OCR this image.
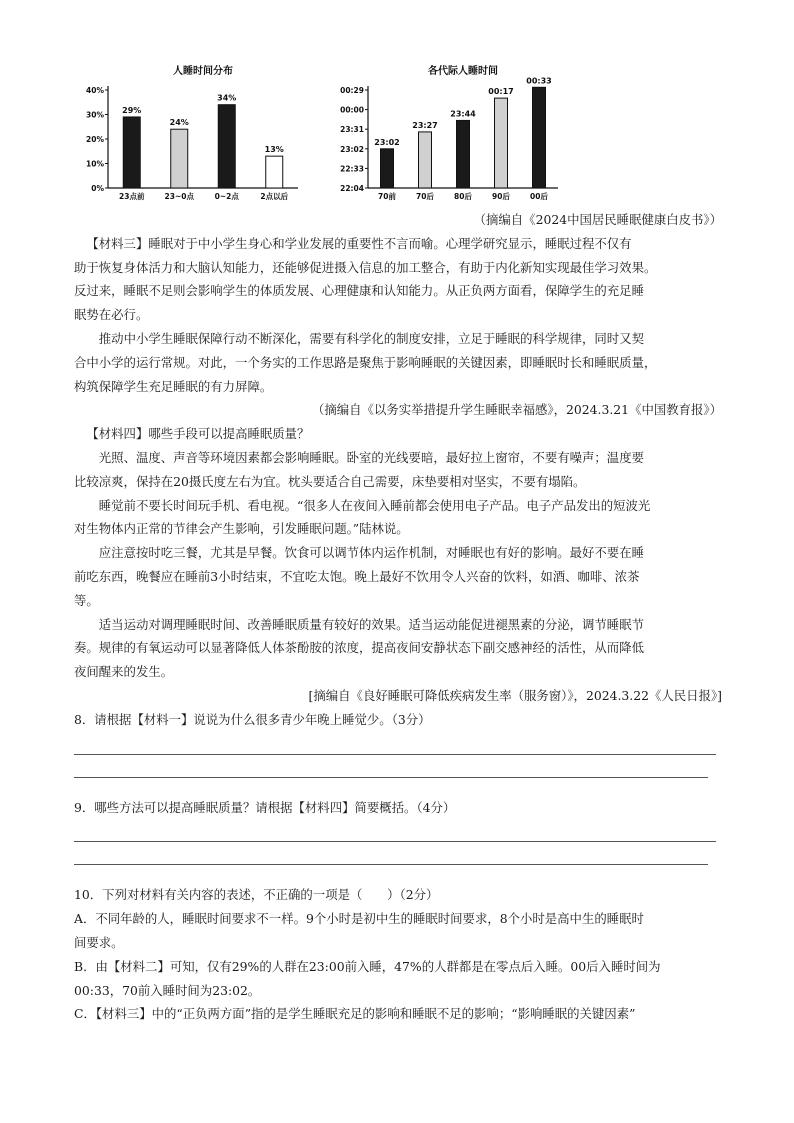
人睡时间分布
40%
30%
20%
10%
0%
29%
23点前
24%
23~0点
34%
0~2点
13%
2点以后
各代际人睡时间
00:29
00:00
23:31
23:02
22:33
22:04
23:02
70前
23:27
70后
23:44
80后
00:17
90后
00:33
00后
（摘编自《2024中国居民睡眠健康白皮书》）
【材料三】睡眠对于中小学生身心和学业发展的重要性不言而喻。心理学研究显示，睡眠过程不仅有
助于恢复身体活力和大脑认知能力，还能够促进摄入信息的加工整合，有助于内化新知实现最佳学习效果。
反过来，睡眠不足则会影响学生的体质发展、心理健康和认知能力。从正负两方面看，保障学生的充足睡
眠势在必行。
推动中小学生睡眠保障行动不断深化，需要有科学化的制度安排，立足于睡眠的科学规律，同时又契
合中小学的运行常规。对此，一个务实的工作思路是聚焦于影响睡眠的关键因素，即睡眠时长和睡眠质量，
构筑保障学生充足睡眠的有力屏障。
（摘编自《以务实举措提升学生睡眠幸福感》，2024.3.21《中国教育报》）
【材料四】哪些手段可以提高睡眠质量？
光照、温度、声音等环境因素都会影响睡眠。卧室的光线要暗，最好拉上窗帘，不要有噪声；温度要
比较凉爽，保持在20摄氏度左右为宜。枕头要适合自己需要，床垫要相对坚实，不要有塌陷。
睡觉前不要长时间玩手机、看电视。“很多人在夜间入睡前都会使用电子产品。电子产品发出的短波光
对生物体内正常的节律会产生影响，引发睡眠问题。”陆林说。
应注意按时吃三餐，尤其是早餐。饮食可以调节体内运作机制，对睡眠也有好的影响。最好不要在睡
前吃东西，晚餐应在睡前3小时结束，不宜吃太饱。晚上最好不饮用令人兴奋的饮料，如酒、咖啡、浓茶
等。
适当运动对调理睡眠时间、改善睡眠质量有较好的效果。适当运动能促进褪黑素的分泌，调节睡眠节
奏。规律的有氧运动可以显著降低人体茶酚胺的浓度，提高夜间安静状态下副交感神经的活性，从而降低
夜间醒来的发生。
[摘编自《良好睡眠可降低疾病发生率（服务窗）》，2024.3.22《人民日报》]
8．请根据【材料一】说说为什么很多青少年晚上睡觉少。（3分）
9．哪些方法可以提高睡眠质量？请根据【材料四】简要概括。（4分）
10．下列对材料有关内容的表述，不正确的一项是（　　）（2分）
A．不同年龄的人，睡眠时间要求不一样。9个小时是初中生的睡眠时间要求，8个小时是高中生的睡眠时
间要求。
B．由【材料二】可知，仅有29%的人群在23:00前入睡，47%的人群都是在零点后入睡。00后入睡时间为
00:33，70前入睡时间为23:02。
C．【材料三】中的“正负两方面”指的是学生睡眠充足的影响和睡眠不足的影响；“影响睡眠的关键因素”
